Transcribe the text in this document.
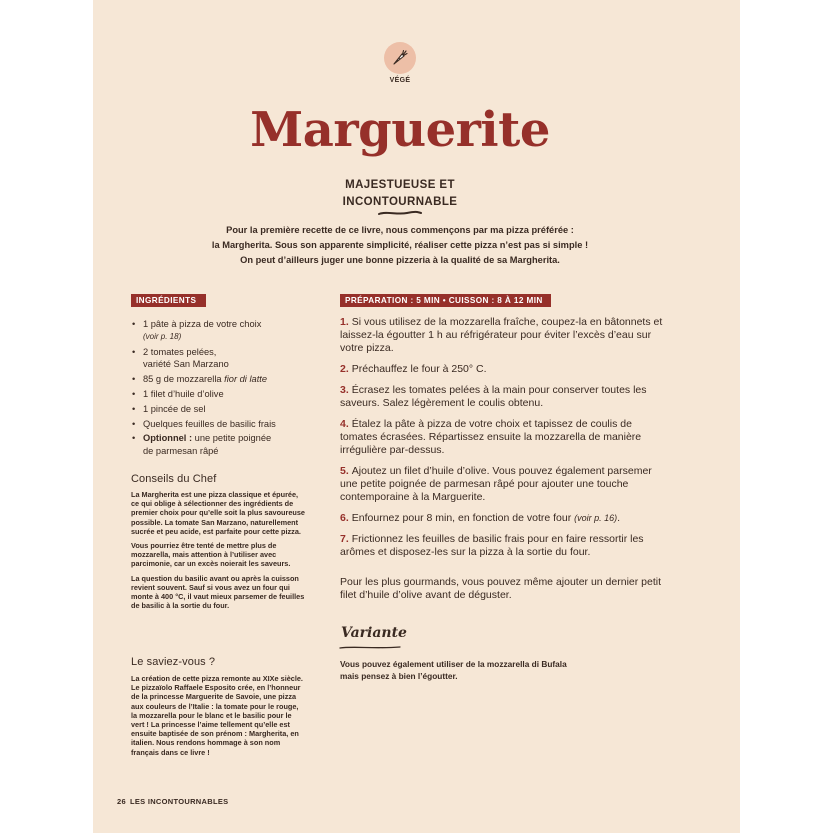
VÉGÉ
Marguerite
MAJESTUEUSE ET
INCONTOURNABLE
Pour la première recette de ce livre, nous commençons par ma pizza préférée :
la Margherita. Sous son apparente simplicité, réaliser cette pizza n’est pas si simple !
On peut d’ailleurs juger une bonne pizzeria à la qualité de sa Margherita.
INGRÉDIENTS
• 1 pâte à pizza de votre choix
(voir p. 18)
• 2 tomates pelées,
variété San Marzano
• 85 g de mozzarella fior di latte
• 1 filet d’huile d’olive
• 1 pincée de sel
• Quelques feuilles de basilic frais
• Optionnel : une petite poignée
de parmesan râpé
Conseils du Chef

La Margherita est une pizza classique et épurée, ce qui oblige à sélectionner des ingrédients de premier choix pour qu’elle soit la plus savoureuse possible. La tomate San Marzano, naturellement sucrée et peu acide, est parfaite pour cette pizza.

Vous pourriez être tenté de mettre plus de mozzarella, mais attention à l’utiliser avec parcimonie, car un excès noierait les saveurs.

La question du basilic avant ou après la cuisson revient souvent. Sauf si vous avez un four qui monte à 400 °C, il vaut mieux parsemer de feuilles de basilic à la sortie du four.

Le saviez-vous ?
La création de cette pizza remonte au XIXe siècle. Le pizzaïolo Raffaele Esposito crée, en l’honneur de la princesse Marguerite de Savoie, une pizza aux couleurs de l’Italie : la tomate pour le rouge, la mozzarella pour le blanc et le basilic pour le vert ! La princesse l’aime tellement qu’elle est ensuite baptisée de son prénom : Margherita, en italien. Nous rendons hommage à son nom français dans ce livre !
PRÉPARATION : 5 MIN • CUISSON : 8 À 12 MIN
1. Si vous utilisez de la mozzarella fraîche, coupez-la en bâtonnets et laissez-la égoutter 1 h au réfrigérateur pour éviter l’excès d’eau sur votre pizza.
2. Préchauffez le four à 250° C.
3. Écrasez les tomates pelées à la main pour conserver toutes les saveurs. Salez légèrement le coulis obtenu.
4. Étalez la pâte à pizza de votre choix et tapissez de coulis de tomates écrasées. Répartissez ensuite la mozzarella de manière irrégulière par-dessus.
5. Ajoutez un filet d’huile d’olive. Vous pouvez également parsemer une petite poignée de parmesan râpé pour ajouter une touche contemporaine à la Marguerite.
6. Enfournez pour 8 min, en fonction de votre four (voir p. 16).
7. Frictionnez les feuilles de basilic frais pour en faire ressortir les arômes et disposez-les sur la pizza à la sortie du four.
Pour les plus gourmands, vous pouvez même ajouter un dernier petit filet d’huile d’olive avant de déguster.
Variante
Vous pouvez également utiliser de la mozzarella di Bufala
mais pensez à bien l’égoutter.
26 LES INCONTOURNABLES
